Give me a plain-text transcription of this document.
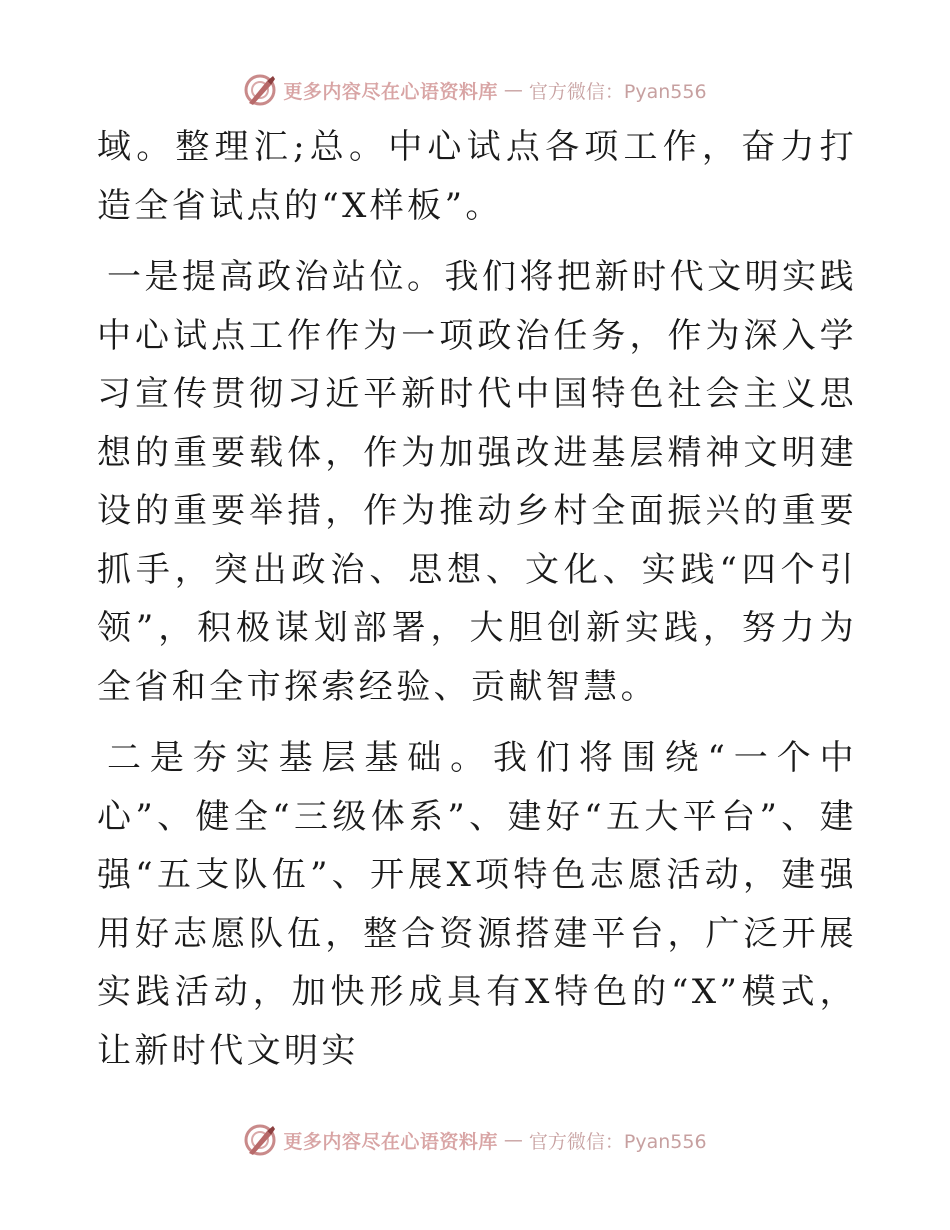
更多内容尽在心语资料库 — 官方微信：Pyan556

域。整理汇;总。中心试点各项工作，奋力打造全省试点的“X样板”。

一是提高政治站位。我们将把新时代文明实践中心试点工作作为一项政治任务，作为深入学习宣传贯彻习近平新时代中国特色社会主义思想的重要载体，作为加强改进基层精神文明建设的重要举措，作为推动乡村全面振兴的重要抓手，突出政治、思想、文化、实践“四个引领”，积极谋划部署，大胆创新实践，努力为全省和全市探索经验、贡献智慧。

二是夯实基层基础。我们将围绕“一个中心”、健全“三级体系”、建好“五大平台”、建强“五支队伍”、开展X项特色志愿活动，建强用好志愿队伍，整合资源搭建平台，广泛开展实践活动，加快形成具有X特色的“X”模式，让新时代文明实

更多内容尽在心语资料库 — 官方微信：Pyan556
